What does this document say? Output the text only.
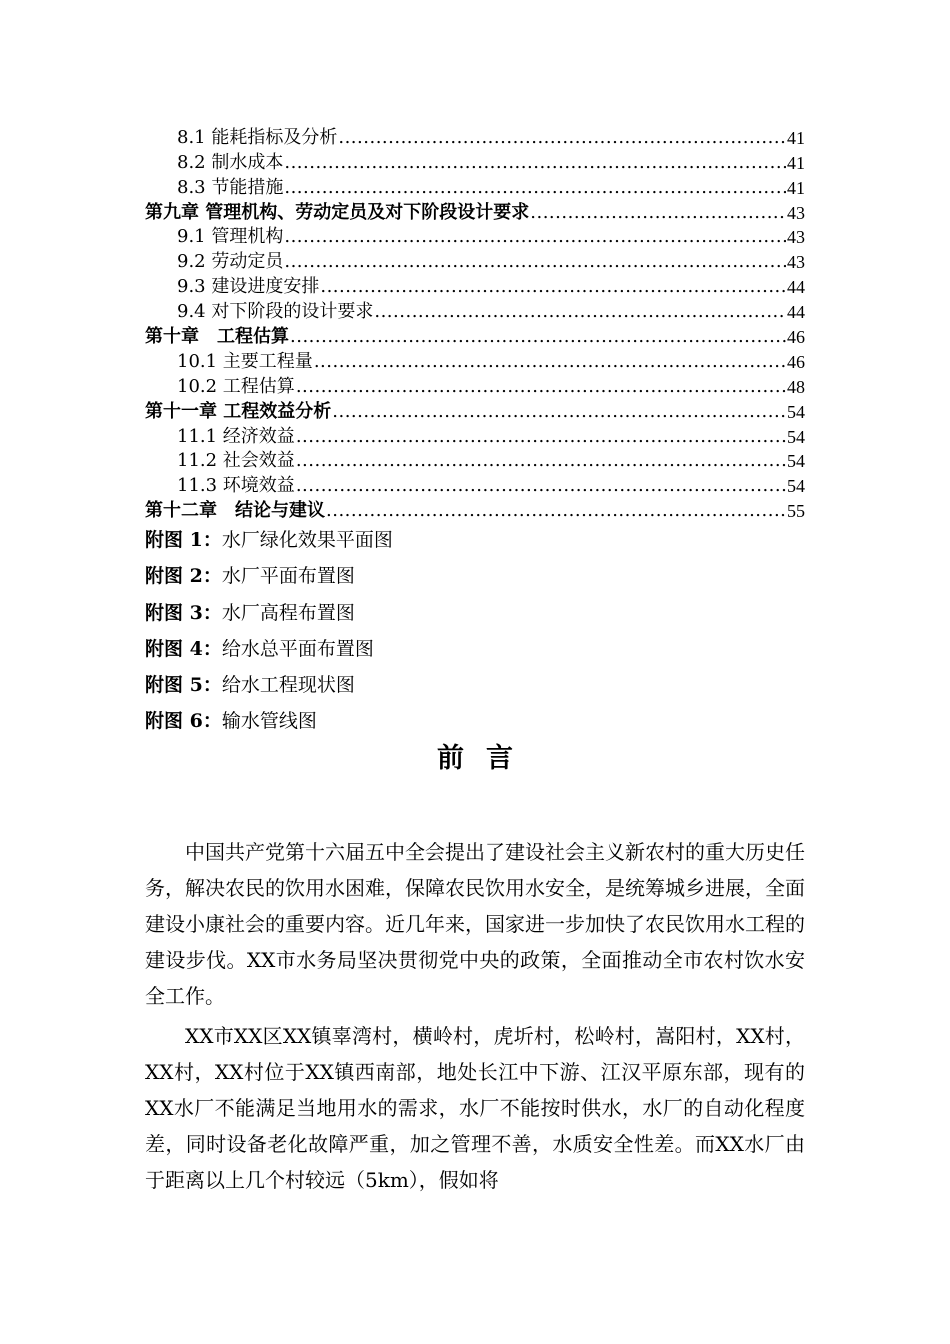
8.1 能耗指标及分析 .....	41
8.2 制水成本 .....	41
8.3 节能措施 .....	41
第九章 管理机构、劳动定员及对下阶段设计要求 .....	43
9.1 管理机构 .....	43
9.2 劳动定员 .....	43
9.3 建设进度安排 .....	44
9.4 对下阶段的设计要求 .....	44
第十章　工程估算 .....	46
10.1 主要工程量 .....	46
10.2 工程估算 .....	48
第十一章 工程效益分析 .....	54
11.1 经济效益 .....	54
11.2 社会效益 .....	54
11.3 环境效益 .....	54
第十二章　结论与建议 .....	55
附图 1：水厂绿化效果平面图
附图 2：水厂平面布置图
附图 3：水厂高程布置图
附图 4：给水总平面布置图
附图 5：给水工程现状图
附图 6：输水管线图
前言

中国共产党第十六届五中全会提出了建设社会主义新农村的重大历史任务，解决农民的饮用水困难，保障农民饮用水安全，是统筹城乡进展，全面建设小康社会的重要内容。近几年来，国家进一步加快了农民饮用水工程的建设步伐。XX市水务局坚决贯彻党中央的政策，全面推动全市农村饮水安全工作。

XX市XX区XX镇辜湾村，横岭村，虎圻村，松岭村，嵩阳村，XX村，XX村，XX村位于XX镇西南部，地处长江中下游、江汉平原东部，现有的XX水厂不能满足当地用水的需求，水厂不能按时供水，水厂的自动化程度差，同时设备老化故障严重，加之管理不善，水质安全性差。而XX水厂由于距离以上几个村较远（5km），假如将
